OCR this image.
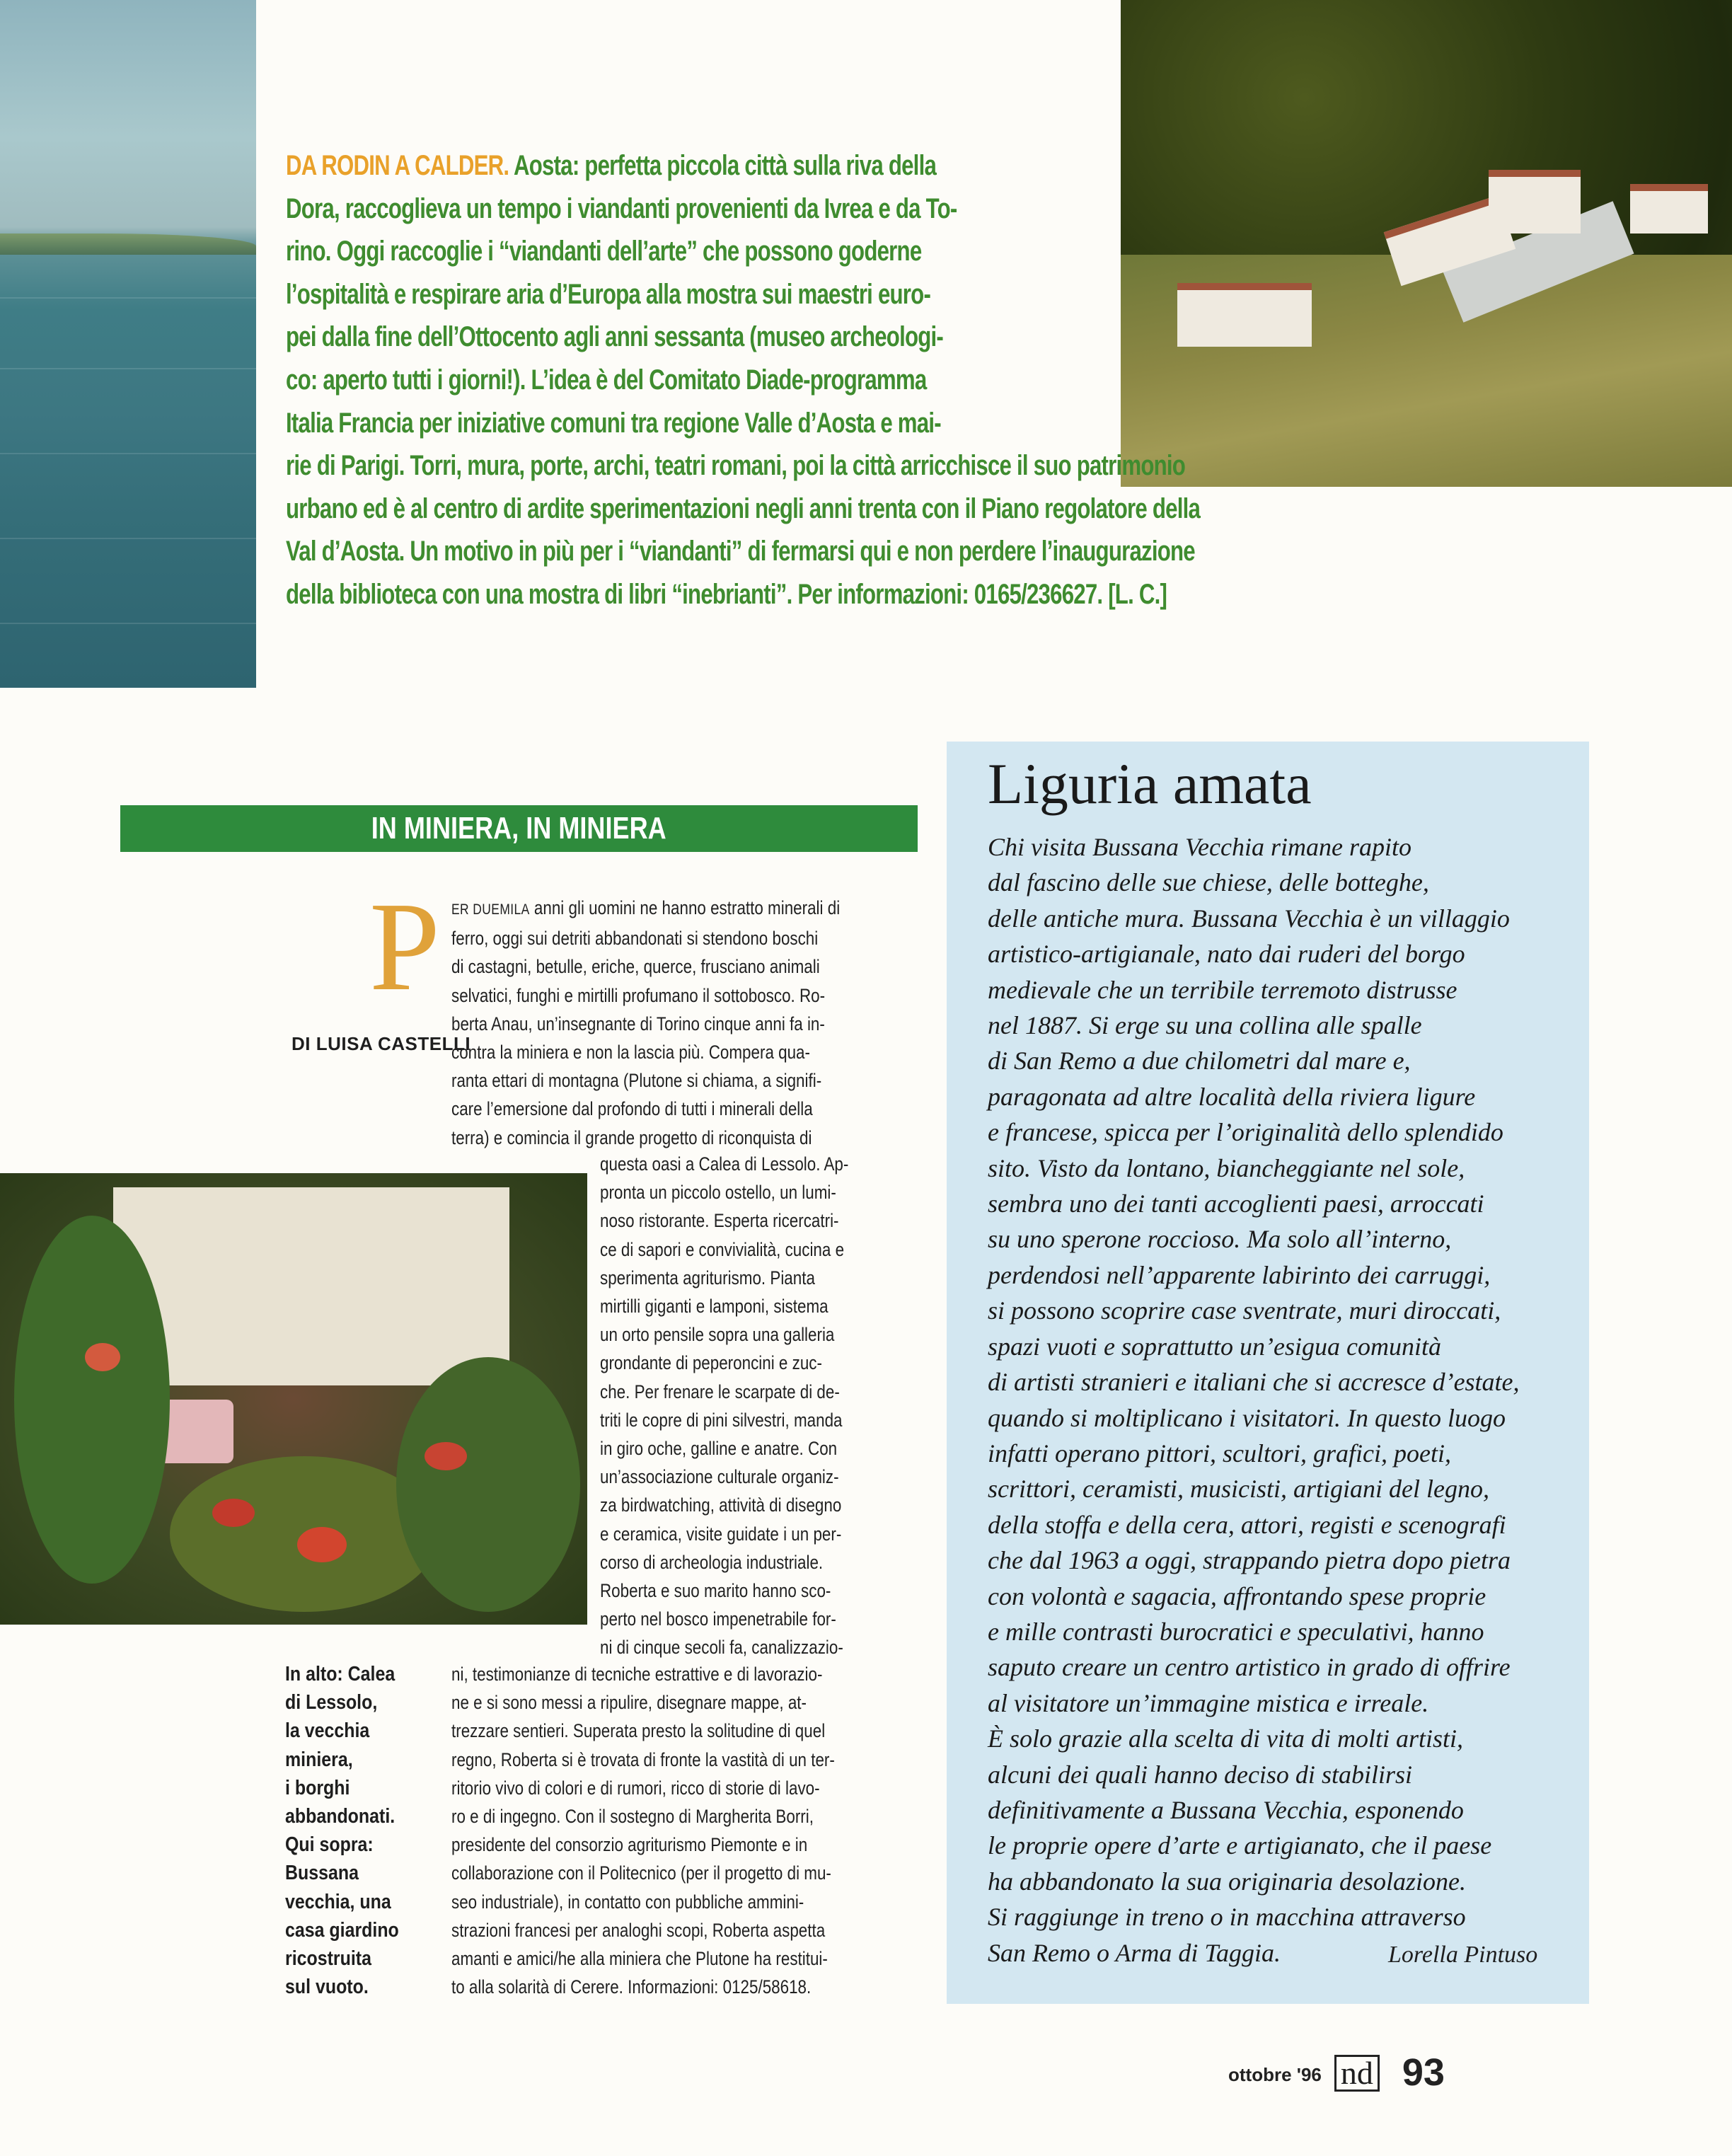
DA RODIN A CALDER. Aosta: perfetta piccola città sulla riva della
Dora, raccoglieva un tempo i viandanti provenienti da Ivrea e da To-
rino. Oggi raccoglie i “viandanti dell’arte” che possono goderne
l’ospitalità e respirare aria d’Europa alla mostra sui maestri euro-
pei dalla fine dell’Ottocento agli anni sessanta (museo archeologi-
co: aperto tutti i giorni!). L’idea è del Comitato Diade-programma
Italia Francia per iniziative comuni tra regione Valle d’Aosta e mai-
rie di Parigi. Torri, mura, porte, archi, teatri romani, poi la città arricchisce il suo patrimonio
urbano ed è al centro di ardite sperimentazioni negli anni trenta con il Piano regolatore della
Val d’Aosta. Un motivo in più per i “viandanti” di fermarsi qui e non perdere l’inaugurazione
della biblioteca con una mostra di libri “inebrianti”. Per informazioni: 0165/236627. [L. C.]
IN MINIERA, IN MINIERA
P
DI LUISA CASTELLI
ER DUEMILA anni gli uomini ne hanno estratto minerali di
ferro, oggi sui detriti abbandonati si stendono boschi
di castagni, betulle, eriche, querce, frusciano animali
selvatici, funghi e mirtilli profumano il sottobosco. Ro-
berta Anau, un’insegnante di Torino cinque anni fa in-
contra la miniera e non la lascia più. Compera qua-
ranta ettari di montagna (Plutone si chiama, a signifi-
care l’emersione dal profondo di tutti i minerali della
terra) e comincia il grande progetto di riconquista di
questa oasi a Calea di Lessolo. Ap-
pronta un piccolo ostello, un lumi-
noso ristorante. Esperta ricercatri-
ce di sapori e convivialità, cucina e
sperimenta agriturismo. Pianta
mirtilli giganti e lamponi, sistema
un orto pensile sopra una galleria
grondante di peperoncini e zuc-
che. Per frenare le scarpate di de-
triti le copre di pini silvestri, manda
in giro oche, galline e anatre. Con
un’associazione culturale organiz-
za birdwatching, attività di disegno
e ceramica, visite guidate i un per-
corso di archeologia industriale.
Roberta e suo marito hanno sco-
perto nel bosco impenetrabile for-
ni di cinque secoli fa, canalizzazio-
ni, testimonianze di tecniche estrattive e di lavorazio-
ne e si sono messi a ripulire, disegnare mappe, at-
trezzare sentieri. Superata presto la solitudine di quel
regno, Roberta si è trovata di fronte la vastità di un ter-
ritorio vivo di colori e di rumori, ricco di storie di lavo-
ro e di ingegno. Con il sostegno di Margherita Borri,
presidente del consorzio agriturismo Piemonte e in
collaborazione con il Politecnico (per il progetto di mu-
seo industriale), in contatto con pubbliche ammini-
strazioni francesi per analoghi scopi, Roberta aspetta
amanti e amici/he alla miniera che Plutone ha restitui-
to alla solarità di Cerere. Informazioni: 0125/58618.
In alto: Calea
di Lessolo,
la vecchia
miniera,
i borghi
abbandonati.
Qui sopra:
Bussana
vecchia, una
casa giardino
ricostruita
sul vuoto.
Liguria amata
Chi visita Bussana Vecchia rimane rapito
dal fascino delle sue chiese, delle botteghe,
delle antiche mura. Bussana Vecchia è un villaggio
artistico-artigianale, nato dai ruderi del borgo
medievale che un terribile terremoto distrusse
nel 1887. Si erge su una collina alle spalle
di San Remo a due chilometri dal mare e,
paragonata ad altre località della riviera ligure
e francese, spicca per l’originalità dello splendido
sito. Visto da lontano, biancheggiante nel sole,
sembra uno dei tanti accoglienti paesi, arroccati
su uno sperone roccioso. Ma solo all’interno,
perdendosi nell’apparente labirinto dei carruggi,
si possono scoprire case sventrate, muri diroccati,
spazi vuoti e soprattutto un’esigua comunità
di artisti stranieri e italiani che si accresce d’estate,
quando si moltiplicano i visitatori. In questo luogo
infatti operano pittori, scultori, grafici, poeti,
scrittori, ceramisti, musicisti, artigiani del legno,
della stoffa e della cera, attori, registi e scenografi
che dal 1963 a oggi, strappando pietra dopo pietra
con volontà e sagacia, affrontando spese proprie
e mille contrasti burocratici e speculativi, hanno
saputo creare un centro artistico in grado di offrire
al visitatore un’immagine mistica e irreale.
È solo grazie alla scelta di vita di molti artisti,
alcuni dei quali hanno deciso di stabilirsi
definitivamente a Bussana Vecchia, esponendo
le proprie opere d’arte e artigianato, che il paese
ha abbandonato la sua originaria desolazione.
Si raggiunge in treno o in macchina attraverso
San Remo o Arma di Taggia.	Lorella Pintuso
ottobre '96 nd 93
